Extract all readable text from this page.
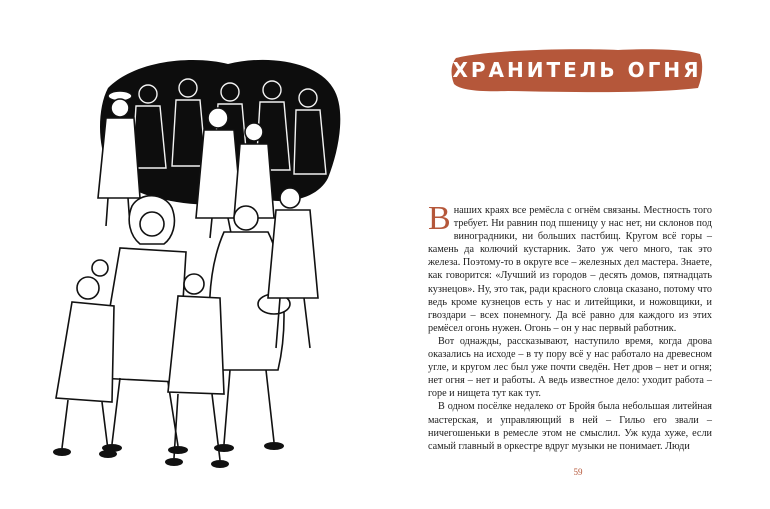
ХРАНИТЕЛЬ ОГНЯ

Внаших краях все ремёсла с огнём связаны. Местность того требует. Ни равнин под пшеницу у нас нет, ни склонов под виноградники, ни больших пастбищ. Кругом всё горы – камень да колючий кустарник. Зато уж чего много, так это железа. Поэтому-то в округе все – железных дел мастера. Знаете, как говорится: «Лучший из городов – десять домов, пятнадцать кузнецов». Ну, это так, ради красного словца сказано, потому что ведь кроме кузнецов есть у нас и литейщики, и ножовщики, и гвоздари – всех понемногу. Да всё равно для каждого из этих ремёсел огонь нужен. Огонь – он у нас первый работник.

Вот однажды, рассказывают, наступило время, когда дрова оказались на исходе – в ту пору всё у нас работало на древесном угле, и кругом лес был уже почти сведён. Нет дров – нет и огня; нет огня – нет и работы. А ведь известное дело: уходит работа – горе и нищета тут как тут.

В одном посёлке недалеко от Бройя была небольшая литейная мастерская, и управляющий в ней – Гильо его звали – ничегошеньки в ремесле этом не смыслил. Уж куда хуже, если самый главный в оркестре вдруг музыки не понимает. Люди

59
